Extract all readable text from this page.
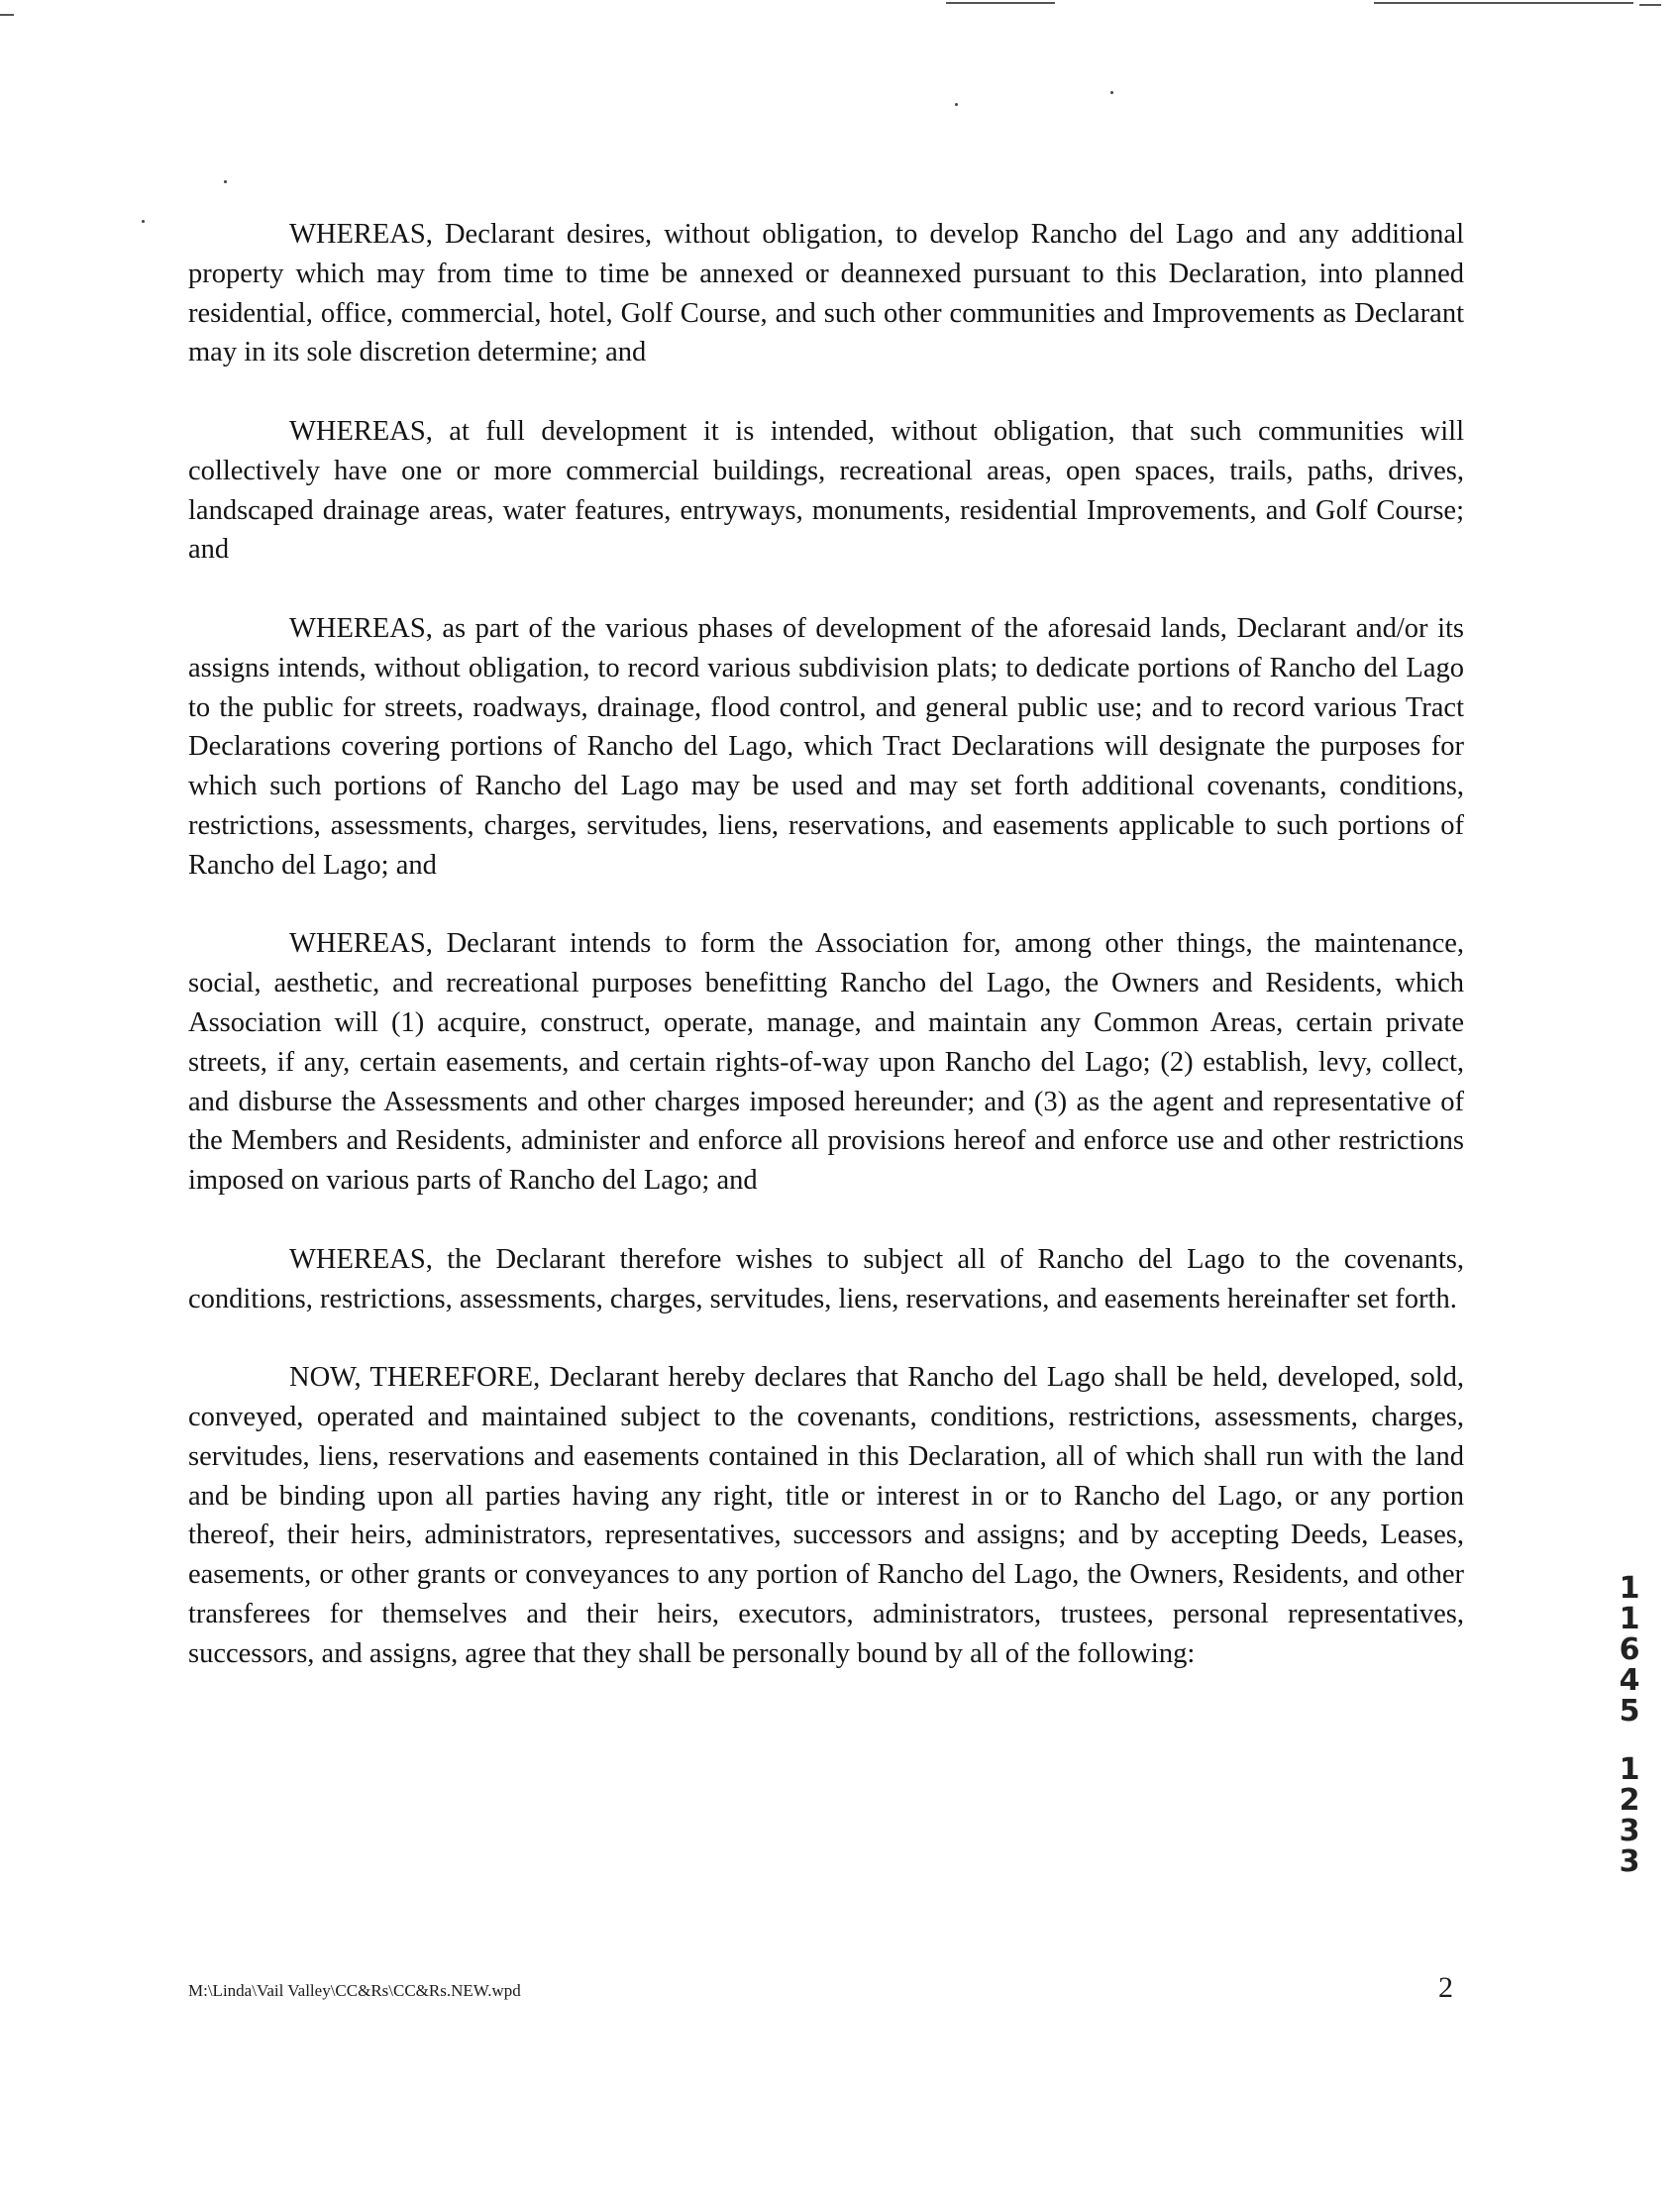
WHEREAS, Declarant desires, without obligation, to develop Rancho del Lago and any additional property which may from time to time be annexed or deannexed pursuant to this Declaration, into planned residential, office, commercial, hotel, Golf Course, and such other communities and Improvements as Declarant may in its sole discretion determine; and

WHEREAS, at full development it is intended, without obligation, that such communities will collectively have one or more commercial buildings, recreational areas, open spaces, trails, paths, drives, landscaped drainage areas, water features, entryways, monuments, residential Improvements, and Golf Course; and

WHEREAS, as part of the various phases of development of the aforesaid lands, Declarant and/or its assigns intends, without obligation, to record various subdivision plats; to dedicate portions of Rancho del Lago to the public for streets, roadways, drainage, flood control, and general public use; and to record various Tract Declarations covering portions of Rancho del Lago, which Tract Declarations will designate the purposes for which such portions of Rancho del Lago may be used and may set forth additional covenants, conditions, restrictions, assessments, charges, servitudes, liens, reservations, and easements applicable to such portions of Rancho del Lago; and

WHEREAS, Declarant intends to form the Association for, among other things, the maintenance, social, aesthetic, and recreational purposes benefitting Rancho del Lago, the Owners and Residents, which Association will (1) acquire, construct, operate, manage, and maintain any Common Areas, certain private streets, if any, certain easements, and certain rights-of-way upon Rancho del Lago; (2) establish, levy, collect, and disburse the Assessments and other charges imposed hereunder; and (3) as the agent and representative of the Members and Residents, administer and enforce all provisions hereof and enforce use and other restrictions imposed on various parts of Rancho del Lago; and

WHEREAS, the Declarant therefore wishes to subject all of Rancho del Lago to the covenants, conditions, restrictions, assessments, charges, servitudes, liens, reservations, and easements hereinafter set forth.

NOW, THEREFORE, Declarant hereby declares that Rancho del Lago shall be held, developed, sold, conveyed, operated and maintained subject to the covenants, conditions, restrictions, assessments, charges, servitudes, liens, reservations and easements contained in this Declaration, all of which shall run with the land and be binding upon all parties having any right, title or interest in or to Rancho del Lago, or any portion thereof, their heirs, administrators, representatives, successors and assigns; and by accepting Deeds, Leases, easements, or other grants or conveyances to any portion of Rancho del Lago, the Owners, Residents, and other transferees for themselves and their heirs, executors, administrators, trustees, personal representatives, successors, and assigns, agree that they shall be personally bound by all of the following:

1
1
6
4
5
1
2
3
3
M:\Linda\Vail Valley\CC&Rs\CC&Rs.NEW.wpd	2
